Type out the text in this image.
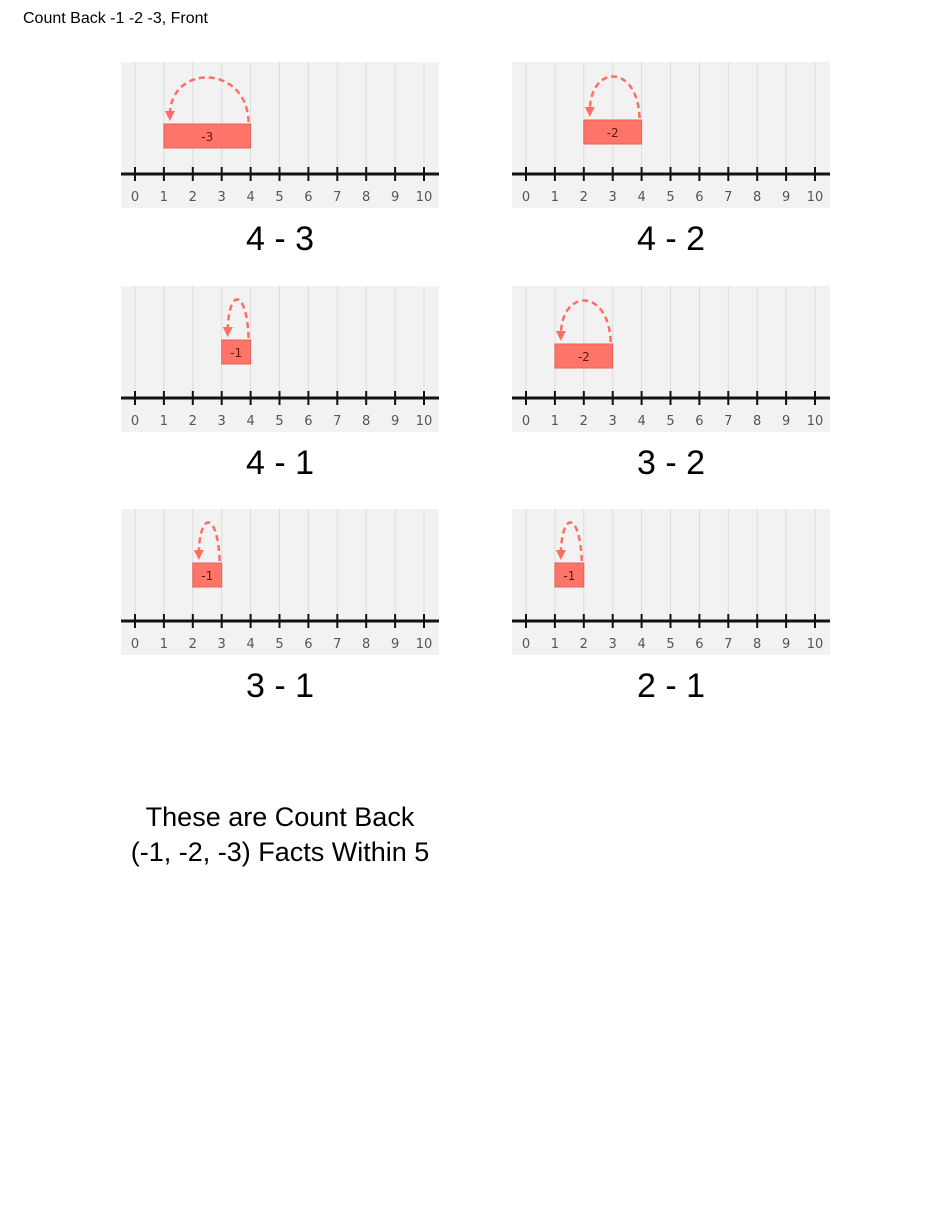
Count Back -1 -2 -3, Front
0 1 2 3 4 5 6 7 8 9 10
-3
4 - 3
0 1 2 3 4 5 6 7 8 9 10
-2
4 - 2
0 1 2 3 4 5 6 7 8 9 10
-1
4 - 1
0 1 2 3 4 5 6 7 8 9 10
-2
3 - 2
0 1 2 3 4 5 6 7 8 9 10
-1
3 - 1
0 1 2 3 4 5 6 7 8 9 10
-1
2 - 1
These are Count Back
(-1, -2, -3) Facts Within 5
